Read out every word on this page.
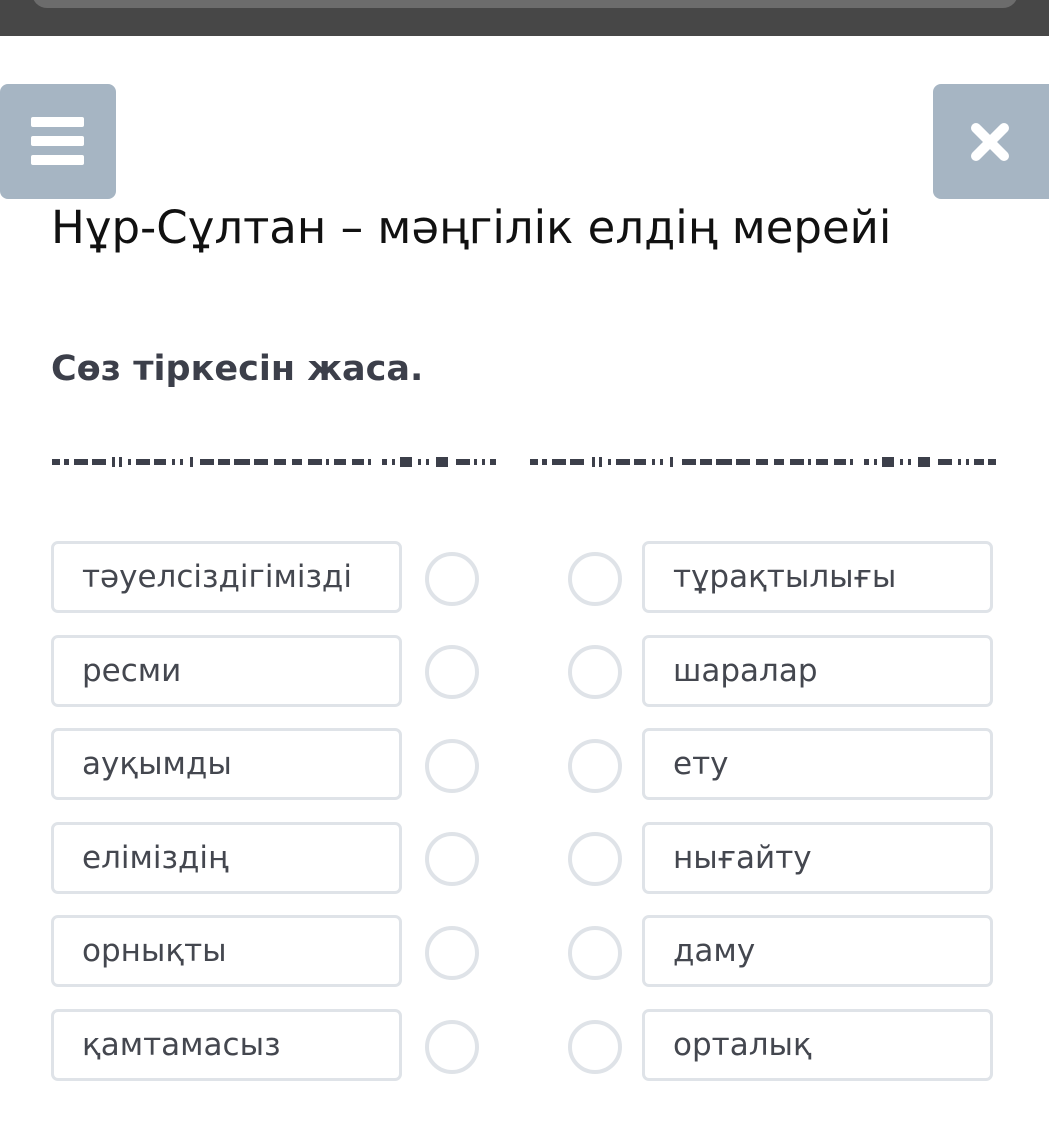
Нұр-Сұлтан – мәңгілік елдің мерейі
Сөз тіркесін жаса.
тәуелсіздігімізді
ресми
ауқымды
еліміздің
орнықты
қамтамасыз
тұрақтылығы
шаралар
ету
нығайту
даму
орталық
